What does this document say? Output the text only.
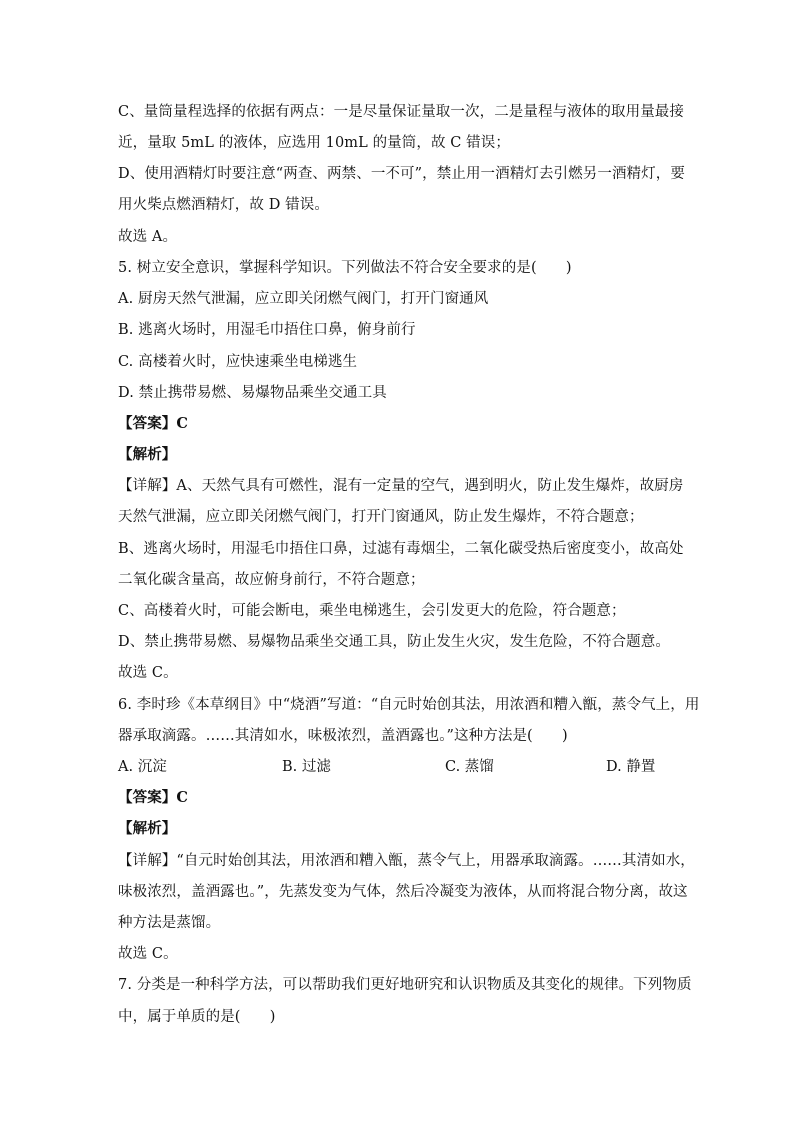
C、量筒量程选择的依据有两点：一是尽量保证量取一次，二是量程与液体的取用量最接
近，量取 5mL 的液体，应选用 10mL 的量筒，故 C 错误；
D、使用酒精灯时要注意“两查、两禁、一不可”，禁止用一酒精灯去引燃另一酒精灯，要
用火柴点燃酒精灯，故 D 错误。
故选 A。
5. 树立安全意识，掌握科学知识。下列做法不符合安全要求的是(　　)
A. 厨房天然气泄漏，应立即关闭燃气阀门，打开门窗通风
B. 逃离火场时，用湿毛巾捂住口鼻，俯身前行
C. 高楼着火时，应快速乘坐电梯逃生
D. 禁止携带易燃、易爆物品乘坐交通工具
【答案】C
【解析】
【详解】A、天然气具有可燃性，混有一定量的空气，遇到明火，防止发生爆炸，故厨房
天然气泄漏，应立即关闭燃气阀门，打开门窗通风，防止发生爆炸，不符合题意；
B、逃离火场时，用湿毛巾捂住口鼻，过滤有毒烟尘，二氧化碳受热后密度变小，故高处
二氧化碳含量高，故应俯身前行，不符合题意；
C、高楼着火时，可能会断电，乘坐电梯逃生，会引发更大的危险，符合题意；
D、禁止携带易燃、易爆物品乘坐交通工具，防止发生火灾，发生危险，不符合题意。
故选 C。
6. 李时珍《本草纲目》中“烧酒”写道：“自元时始创其法，用浓酒和糟入甑，蒸令气上，用
器承取滴露。……其清如水，味极浓烈，盖酒露也。”这种方法是(　　)
A. 沉淀	B. 过滤	C. 蒸馏	D. 静置
【答案】C
【解析】
【详解】“自元时始创其法，用浓酒和糟入甑，蒸令气上，用器承取滴露。……其清如水，
味极浓烈，盖酒露也。”，先蒸发变为气体，然后冷凝变为液体，从而将混合物分离，故这
种方法是蒸馏。
故选 C。
7. 分类是一种科学方法，可以帮助我们更好地研究和认识物质及其变化的规律。下列物质
中，属于单质的是(　　)
